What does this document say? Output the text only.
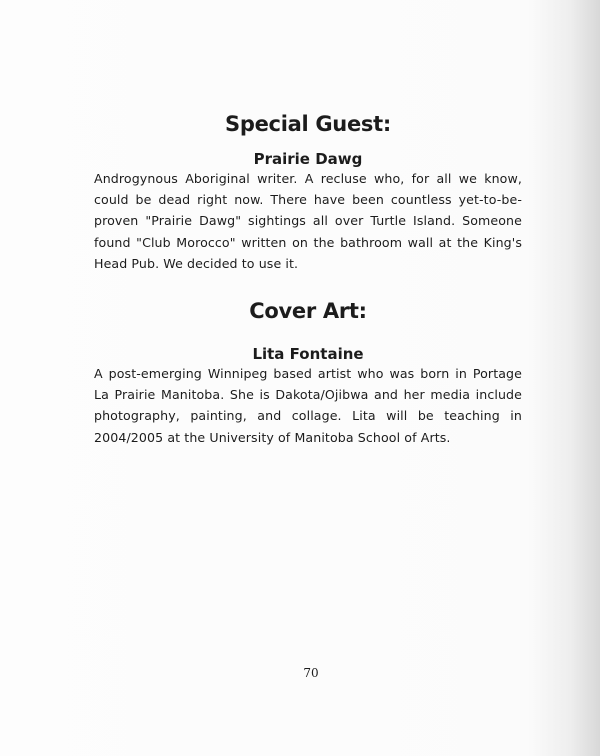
Special Guest:
Prairie Dawg

Androgynous Aboriginal writer. A recluse who, for all we know, could be dead right now. There have been countless yet-to-be-proven "Prairie Dawg" sightings all over Turtle Island. Someone found "Club Morocco" written on the bathroom wall at the King's Head Pub. We decided to use it.

Cover Art:
Lita Fontaine

A post-emerging Winnipeg based artist who was born in Portage La Prairie Manitoba. She is Dakota/Ojibwa and her media include photography, painting, and collage. Lita will be teaching in 2004/2005 at the University of Manitoba School of Arts.

70
